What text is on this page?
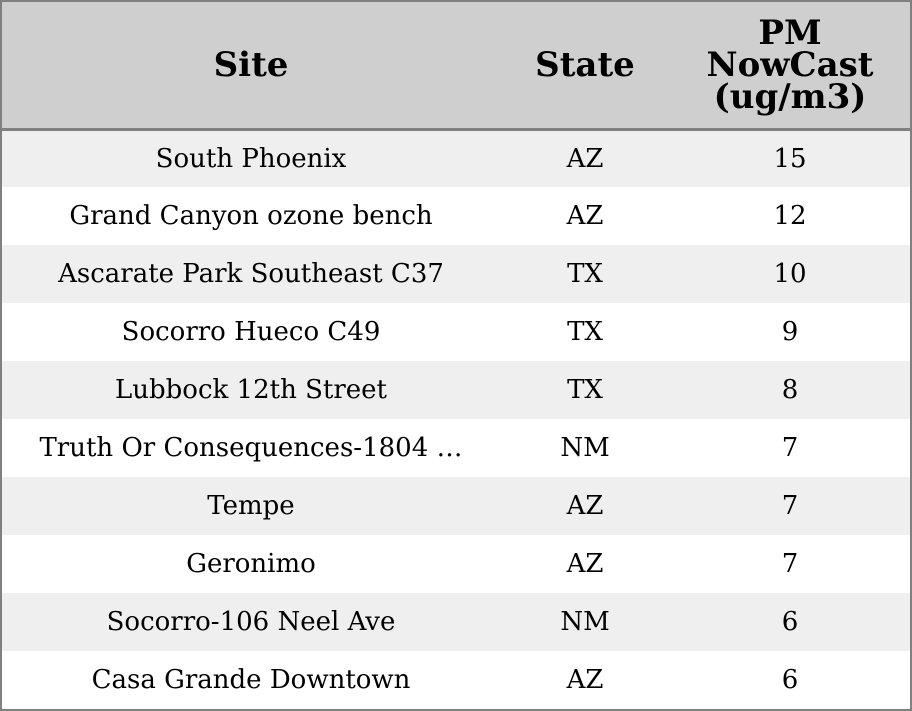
Site	State	PM
NowCast
(ug/m3)
South Phoenix	AZ	15
Grand Canyon ozone bench	AZ	12
Ascarate Park Southeast C37	TX	10
Socorro Hueco C49	TX	9
Lubbock 12th Street	TX	8
Truth Or Consequences-1804 …	NM	7
Tempe	AZ	7
Geronimo	AZ	7
Socorro-106 Neel Ave	NM	6
Casa Grande Downtown	AZ	6
